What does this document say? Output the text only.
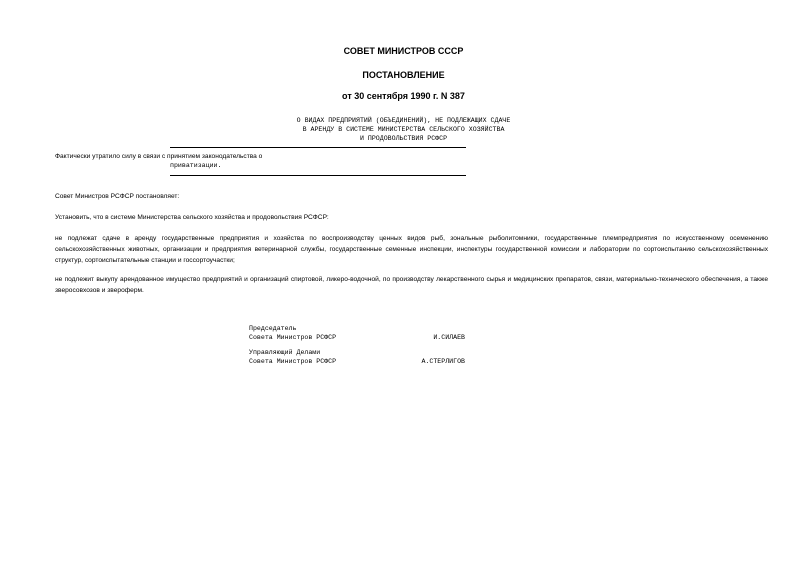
СОВЕТ МИНИСТРОВ СССР
ПОСТАНОВЛЕНИЕ
от 30 сентября 1990 г. N 387
О ВИДАХ ПРЕДПРИЯТИЙ (ОБЪЕДИНЕНИЙ), НЕ ПОДЛЕЖАЩИХ СДАЧЕ
В АРЕНДУ В СИСТЕМЕ МИНИСТЕРСТВА СЕЛЬСКОГО ХОЗЯЙСТВА
И ПРОДОВОЛЬСТВИЯ РСФСР
Фактически утратило силу в связи с принятием законодательства о
приватизации.
Совет Министров РСФСР постановляет:
Установить, что в системе Министерства сельского хозяйства и продовольствия РСФСР:
не подлежат сдаче в аренду государственные предприятия и хозяйства по воспроизводству ценных видов рыб, зональные рыболитомники, государственные племпредприятия по искусственному осеменению сельскохозяйственных животных, организации и предприятия ветеринарной службы, государственные семенные инспекции, инспектуры государственной комиссии и лаборатории по сортоиспытанию сельскохозяйственных структур, сортоиспытательные станции и госсортоучастки;
не подлежит выкупу арендованное имущество предприятий и организаций спиртовой, ликеро-водочной, по производству лекарственного сырья и медицинских препаратов, связи, материально-технического обеспечения, а также зверосовхозов и звероферм.
Председатель
Совета Министров РСФСР	И.СИЛАЕВ
Управляющий Делами
Совета Министров РСФСР	А.СТЕРЛИГОВ
